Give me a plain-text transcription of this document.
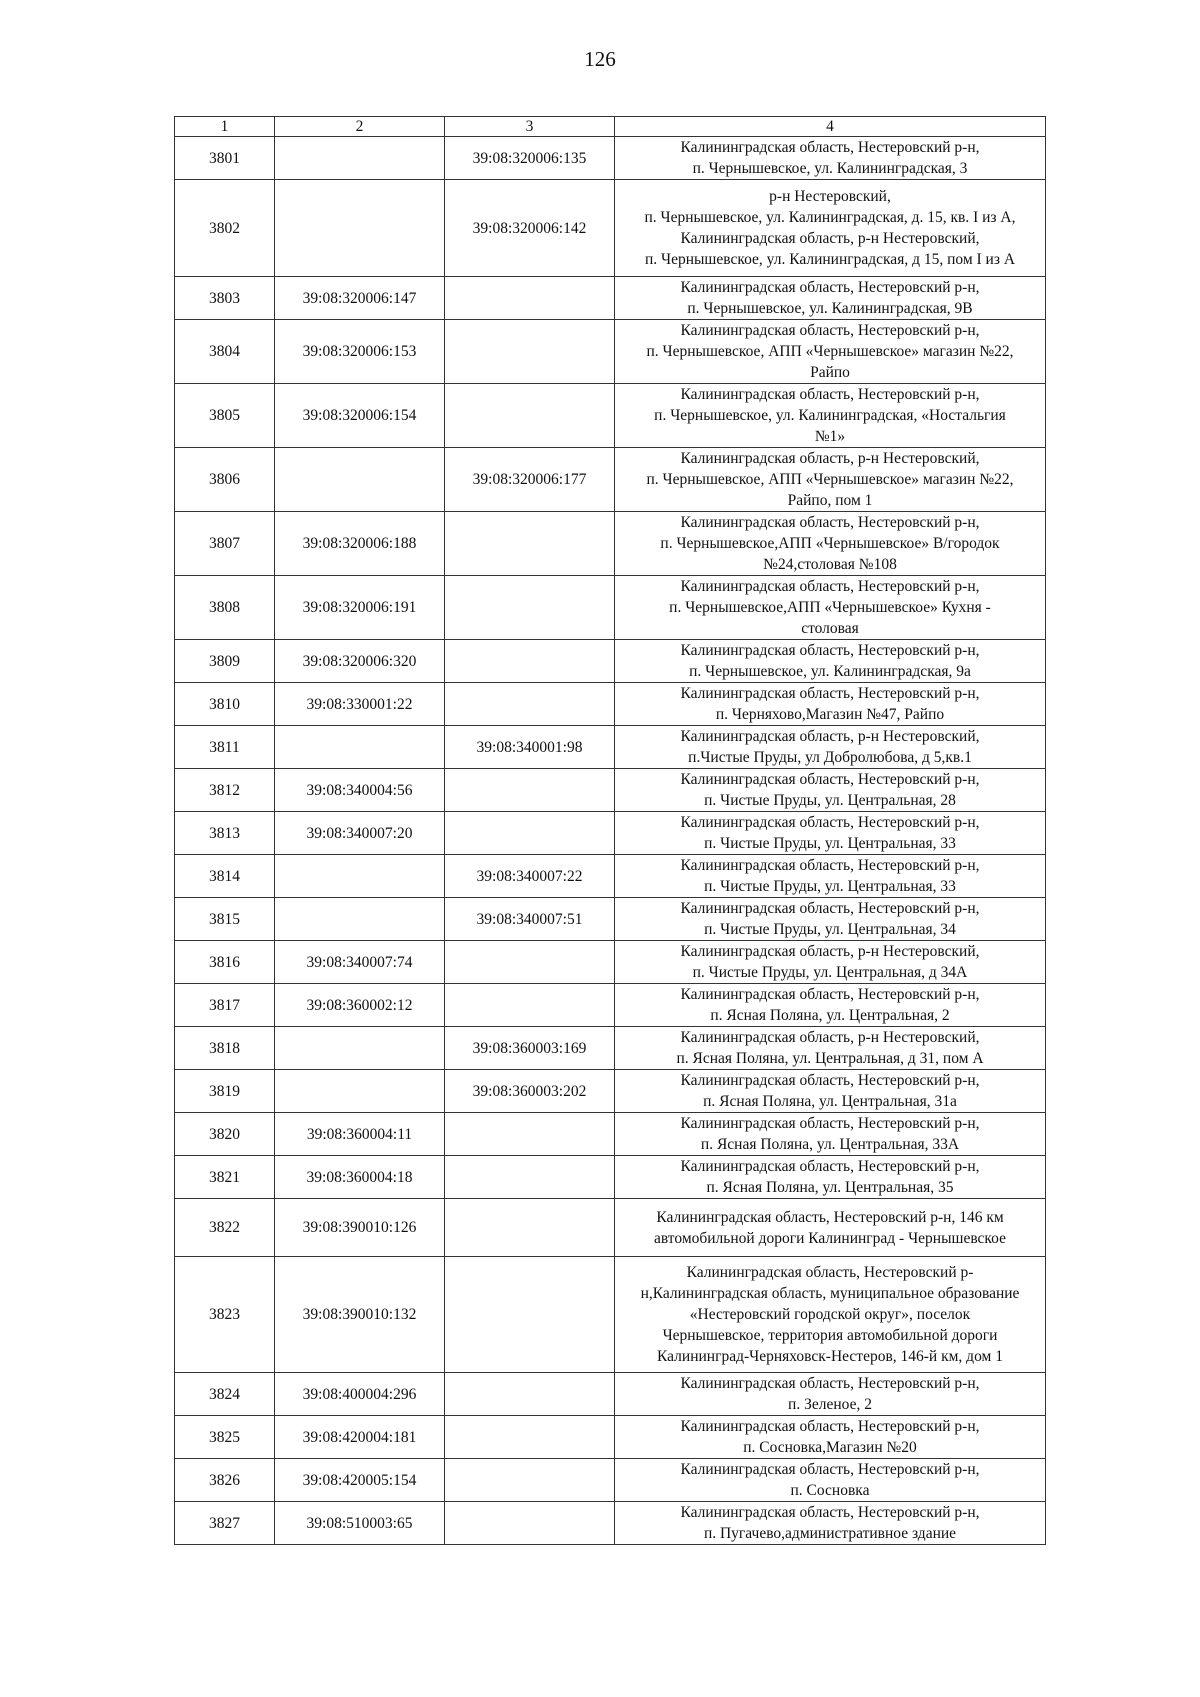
126
1	2	3	4
3801		39:08:320006:135	Калининградская область, Нестеровский р-н,
п. Чернышевское, ул. Калининградская, 3

3802		39:08:320006:142	р-н Нестеровский,
п. Чернышевское, ул. Калининградская, д. 15, кв. I из А,
Калининградская область, р-н Нестеровский,
п. Чернышевское, ул. Калининградская, д 15, пом I из А

3803	39:08:320006:147		Калининградская область, Нестеровский р-н,
п. Чернышевское, ул. Калининградская, 9В

3804	39:08:320006:153		Калининградская область, Нестеровский р-н,
п. Чернышевское, АПП «Чернышевское» магазин №22,
Райпо

3805	39:08:320006:154		Калининградская область, Нестеровский р-н,
п. Чернышевское, ул. Калининградская, «Ностальгия
№1»

3806		39:08:320006:177	Калининградская область, р-н Нестеровский,
п. Чернышевское, АПП «Чернышевское» магазин №22,
Райпо, пом 1

3807	39:08:320006:188		Калининградская область, Нестеровский р-н,
п. Чернышевское,АПП «Чернышевское» В/городок
№24,столовая №108

3808	39:08:320006:191		Калининградская область, Нестеровский р-н,
п. Чернышевское,АПП «Чернышевское» Кухня -
столовая

3809	39:08:320006:320		Калининградская область, Нестеровский р-н,
п. Чернышевское, ул. Калининградская, 9а

3810	39:08:330001:22		Калининградская область, Нестеровский р-н,
п. Черняхово,Магазин №47, Райпо

3811		39:08:340001:98	Калининградская область, р-н Нестеровский,
п.Чистые Пруды, ул Добролюбова, д 5,кв.1

3812	39:08:340004:56		Калининградская область, Нестеровский р-н,
п. Чистые Пруды, ул. Центральная, 28

3813	39:08:340007:20		Калининградская область, Нестеровский р-н,
п. Чистые Пруды, ул. Центральная, 33

3814		39:08:340007:22	Калининградская область, Нестеровский р-н,
п. Чистые Пруды, ул. Центральная, 33

3815		39:08:340007:51	Калининградская область, Нестеровский р-н,
п. Чистые Пруды, ул. Центральная, 34

3816	39:08:340007:74		Калининградская область, р-н Нестеровский,
п. Чистые Пруды, ул. Центральная, д 34А

3817	39:08:360002:12		Калининградская область, Нестеровский р-н,
п. Ясная Поляна, ул. Центральная, 2

3818		39:08:360003:169	Калининградская область, р-н Нестеровский,
п. Ясная Поляна, ул. Центральная, д 31, пом А

3819		39:08:360003:202	Калининградская область, Нестеровский р-н,
п. Ясная Поляна, ул. Центральная, 31а

3820	39:08:360004:11		Калининградская область, Нестеровский р-н,
п. Ясная Поляна, ул. Центральная, 33А

3821	39:08:360004:18		Калининградская область, Нестеровский р-н,
п. Ясная Поляна, ул. Центральная, 35

3822	39:08:390010:126		Калининградская область, Нестеровский р-н, 146 км
автомобильной дороги Калининград - Чернышевское

3823	39:08:390010:132		Калининградская область, Нестеровский р-
н,Калининградская область, муниципальное образование
«Нестеровский городской округ», поселок
Чернышевское, территория автомобильной дороги
Калининград-Черняховск-Нестеров, 146-й км, дом 1

3824	39:08:400004:296		Калининградская область, Нестеровский р-н,
п. Зеленое, 2

3825	39:08:420004:181		Калининградская область, Нестеровский р-н,
п. Сосновка,Магазин №20

3826	39:08:420005:154		Калининградская область, Нестеровский р-н,
п. Сосновка

3827	39:08:510003:65		Калининградская область, Нестеровский р-н,
п. Пугачево,административное здание
